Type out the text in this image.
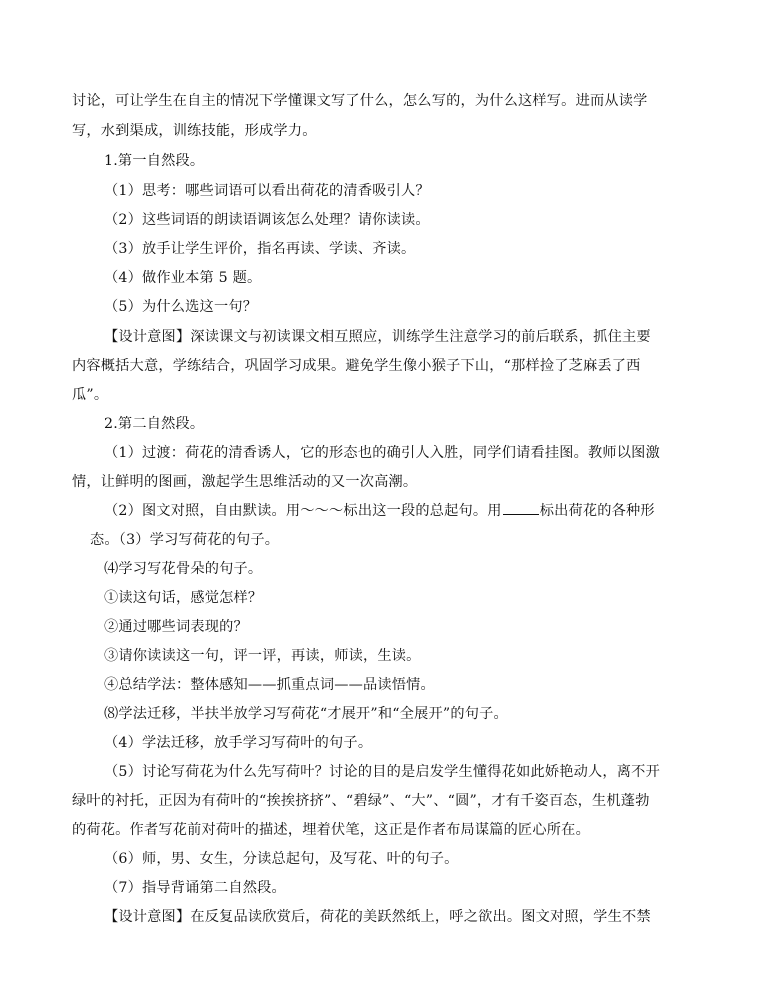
讨论，可让学生在自主的情况下学懂课文写了什么，怎么写的，为什么这样写。进而从读学
写，水到渠成，训练技能，形成学力。
1.第一自然段。
（1）思考：哪些词语可以看出荷花的清香吸引人？
（2）这些词语的朗读语调该怎么处理？请你读读。
（3）放手让学生评价，指名再读、学读、齐读。
（4）做作业本第 5 题。
（5）为什么选这一句？
【设计意图】深读课文与初读课文相互照应，训练学生注意学习的前后联系，抓住主要
内容概括大意，学练结合，巩固学习成果。避免学生像小猴子下山，“那样捡了芝麻丢了西
瓜”。
2.第二自然段。
（1）过渡：荷花的清香诱人，它的形态也的确引人入胜，同学们请看挂图。教师以图激
情，让鲜明的图画，激起学生思维活动的又一次高潮。
（2）图文对照，自由默读。用～～～标出这一段的总起句。用	标出荷花的各种形
态。（3）学习写荷花的句子。
⑷学习写花骨朵的句子。
①读这句话，感觉怎样？
②通过哪些词表现的？
③请你读读这一句，评一评，再读，师读，生读。
④总结学法：整体感知——抓重点词——品读悟情。
⑻学法迁移，半扶半放学习写荷花“才展开”和“全展开”的句子。
（4）学法迁移，放手学习写荷叶的句子。
（5）讨论写荷花为什么先写荷叶？讨论的目的是启发学生懂得花如此娇艳动人，离不开
绿叶的衬托，正因为有荷叶的“挨挨挤挤”、“碧绿”、“大”、“圆”，才有千姿百态，生机蓬勃
的荷花。作者写花前对荷叶的描述，埋着伏笔，这正是作者布局谋篇的匠心所在。
（6）师，男、女生，分读总起句，及写花、叶的句子。
（7）指导背诵第二自然段。
【设计意图】在反复品读欣赏后，荷花的美跃然纸上，呼之欲出。图文对照，学生不禁
